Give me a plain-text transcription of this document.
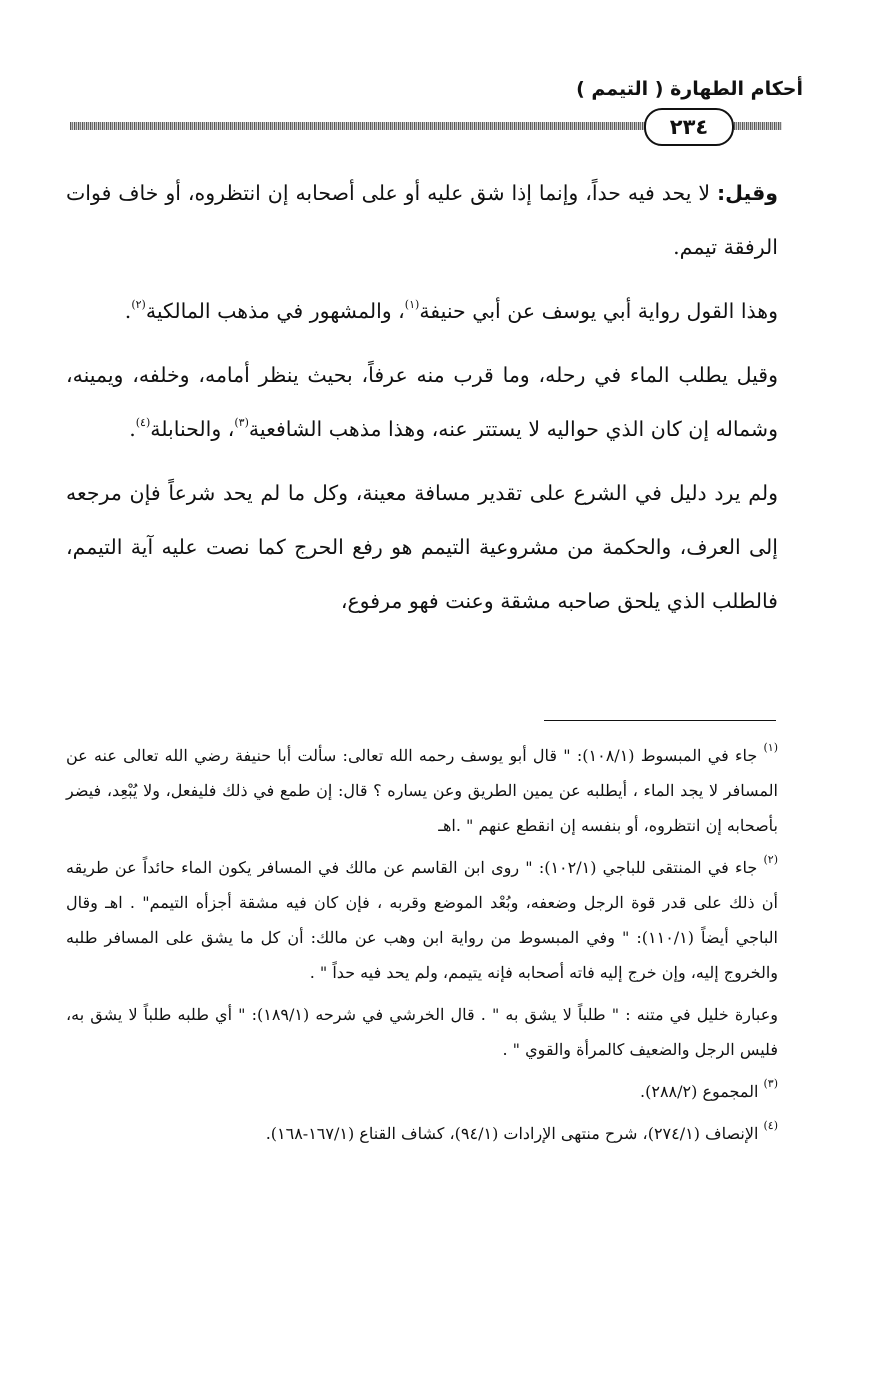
أحكام الطهارة ( التيمم )
٢٣٤

وقيل: لا يحد فيه حداً، وإنما إذا شق عليه أو على أصحابه إن انتظروه، أو خاف فوات الرفقة تيمم.

وهذا القول رواية أبي يوسف عن أبي حنيفة$^{(١)}$، والمشهور في مذهب المالكية$^{(٢)}$.

وقيل يطلب الماء في رحله، وما قرب منه عرفاً، بحيث ينظر أمامه، وخلفه، ويمينه، وشماله إن كان الذي حواليه لا يستتر عنه، وهذا مذهب الشافعية$^{(٣)}$، والحنابلة$^{(٤)}$.

ولم يرد دليل في الشرع على تقدير مسافة معينة، وكل ما لم يحد شرعاً فإن مرجعه إلى العرف، والحكمة من مشروعية التيمم هو رفع الحرج كما نصت عليه آية التيمم، فالطلب الذي يلحق صاحبه مشقة وعنت فهو مرفوع،

$^{(١)}$ جاء في المبسوط (١٠٨/١): " قال أبو يوسف رحمه الله تعالى: سألت أبا حنيفة رضي الله تعالى عنه عن المسافر لا يجد الماء ، أيطلبه عن يمين الطريق وعن يساره ؟ قال: إن طمع في ذلك فليفعل، ولا يُبْعِد، فيضر بأصحابه إن انتظروه، أو بنفسه إن انقطع عنهم " .اهـ

$^{(٢)}$ جاء في المنتقى للباجي (١٠٢/١): " روى ابن القاسم عن مالك في المسافر يكون الماء حائداً عن طريقه أن ذلك على قدر قوة الرجل وضعفه، وبُعْد الموضع وقربه ، فإن كان فيه مشقة أجزأه التيمم" . اهـ وقال الباجي أيضاً (١١٠/١): " وفي المبسوط من رواية ابن وهب عن مالك: أن كل ما يشق على المسافر طلبه والخروج إليه، وإن خرج إليه فاته أصحابه فإنه يتيمم، ولم يحد فيه حداً " .

وعبارة خليل في متنه : " طلباً لا يشق به " . قال الخرشي في شرحه (١٨٩/١): " أي طلبه طلباً لا يشق به، فليس الرجل والضعيف كالمرأة والقوي " .

$^{(٣)}$ المجموع (٢٨٨/٢).

$^{(٤)}$ الإنصاف (٢٧٤/١)، شرح منتهى الإرادات (٩٤/١)، كشاف القناع (١٦٧/١-١٦٨).
